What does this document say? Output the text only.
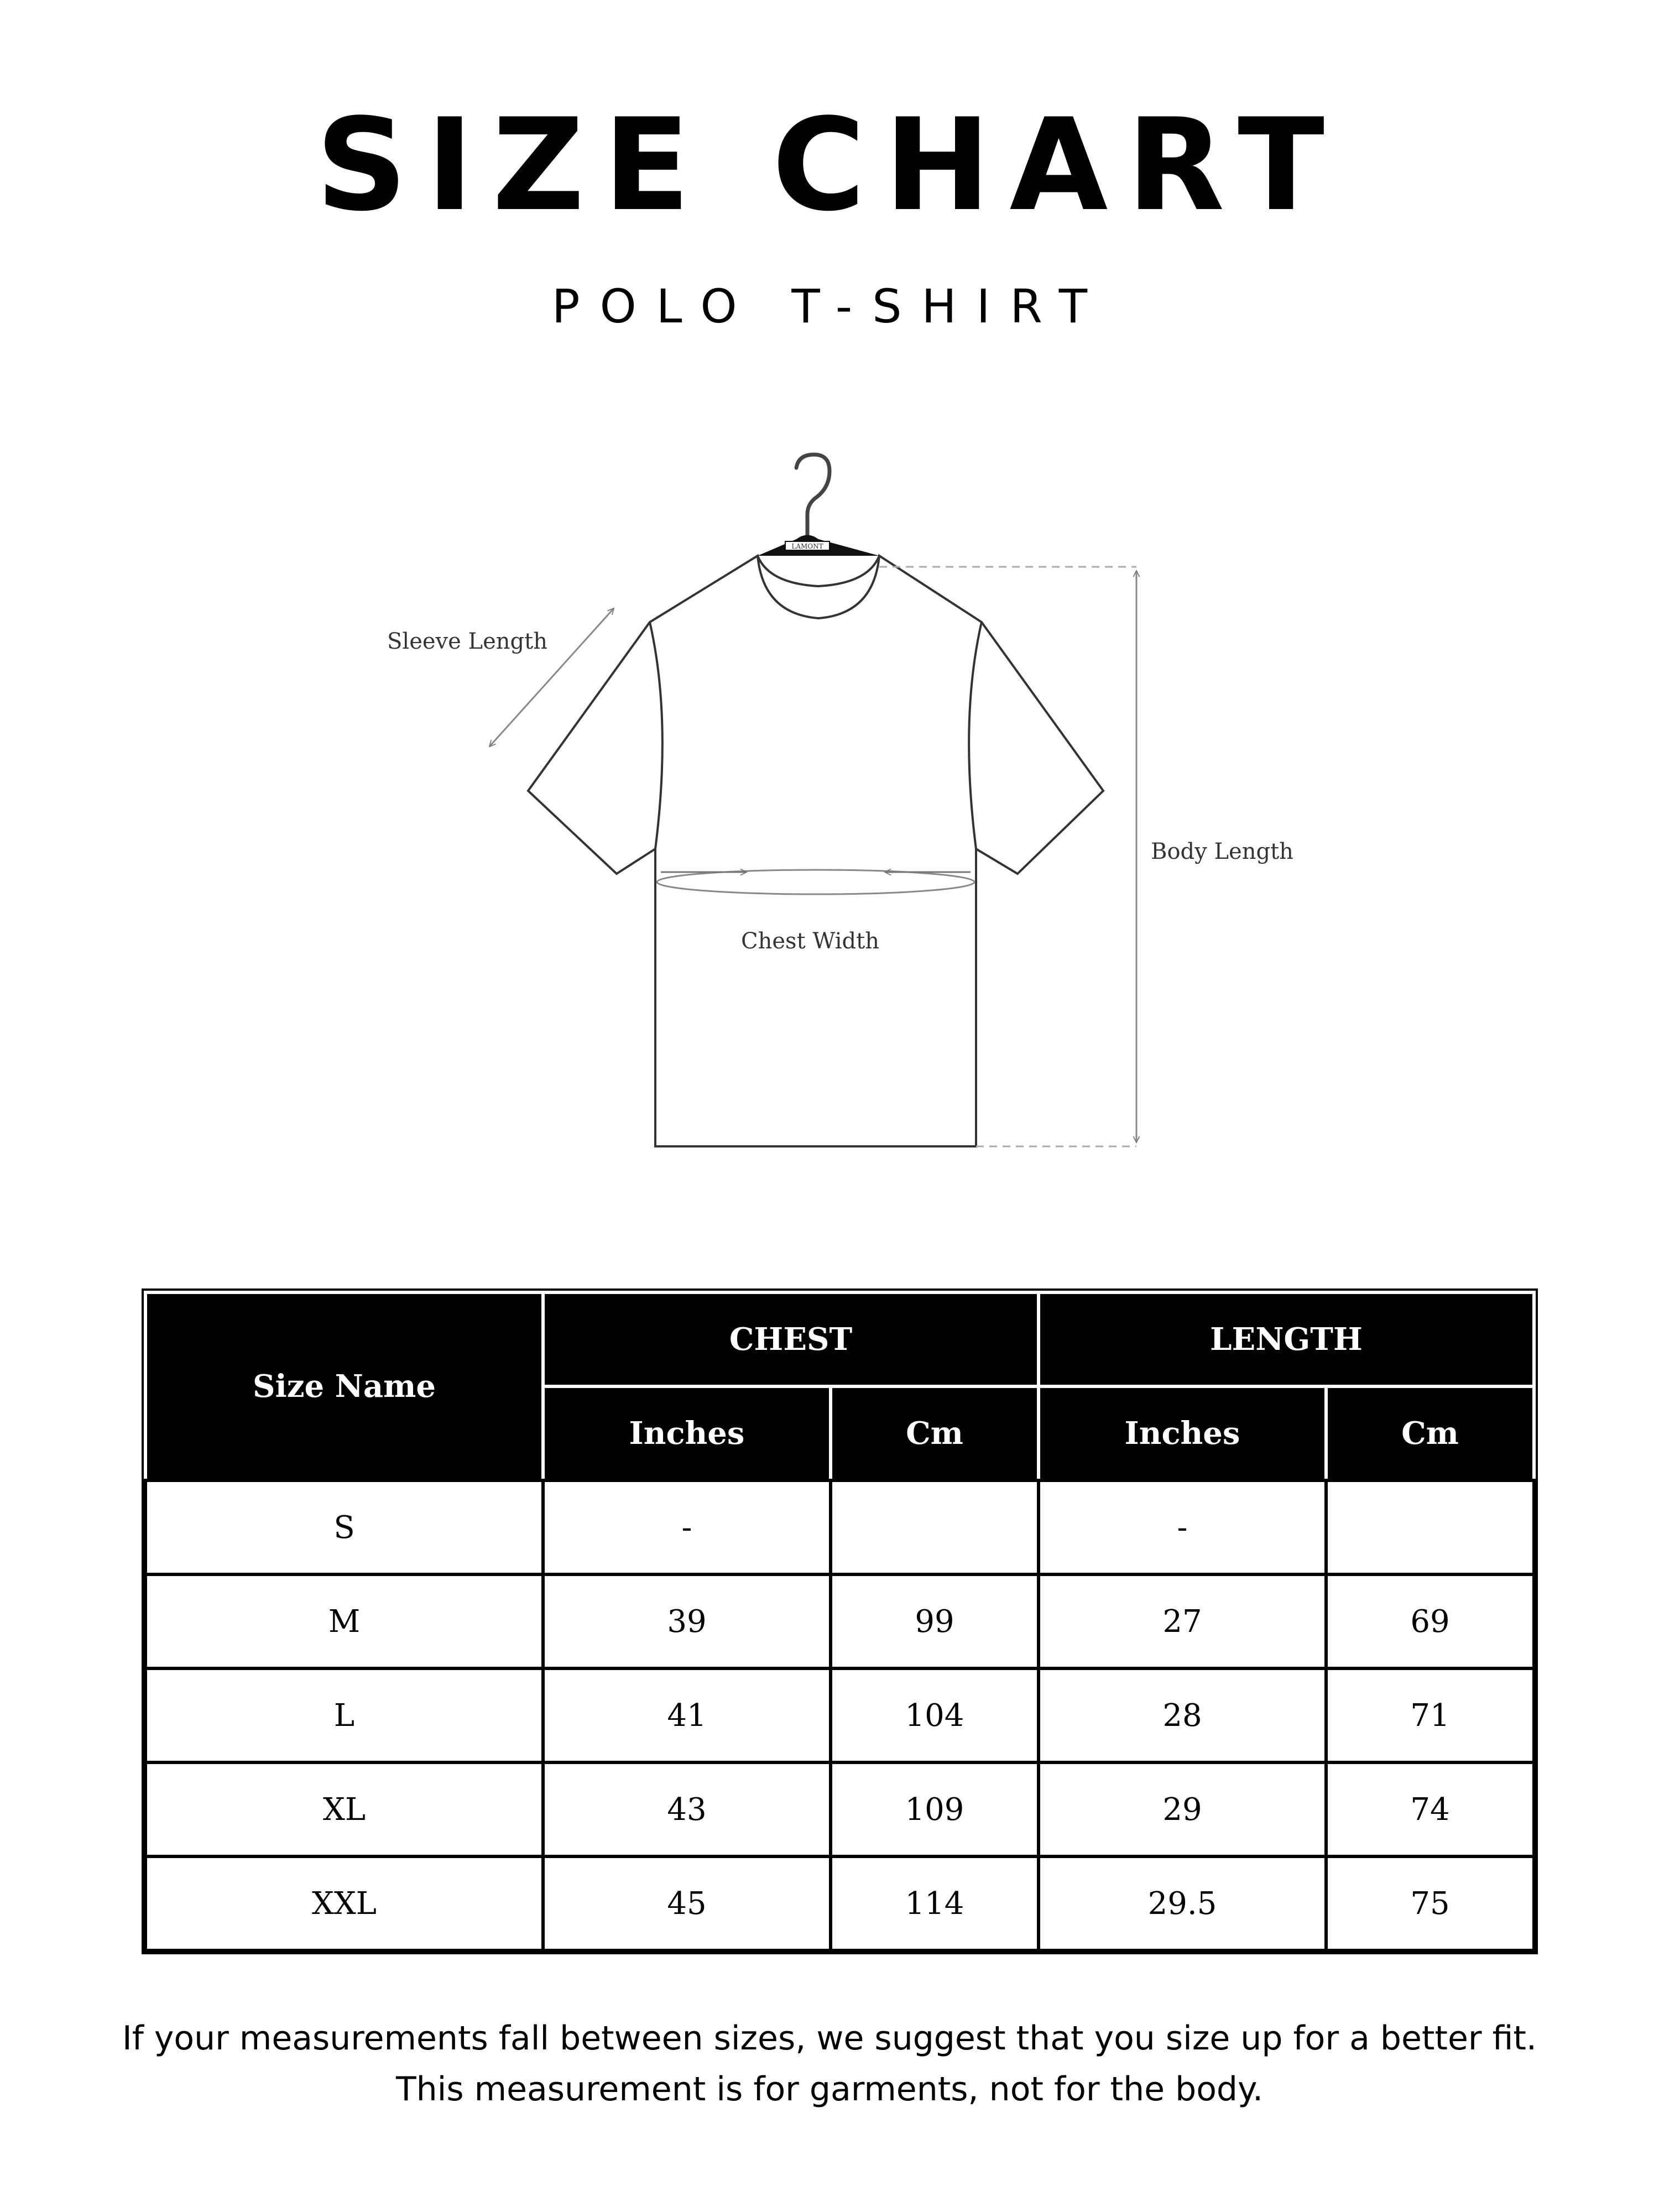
SIZE CHART
POLO T-SHIRT
LAMONT
Chest Width
Sleeve Length
Body Length
Size Name	CHEST		LENGTH	
	Inches	Cm	Inches	Cm
S	-		-	
M	39	99	27	69
L	41	104	28	71
XL	43	109	29	74
XXL	45	114	29.5	75
If your measurements fall between sizes, we suggest that you size up for a better fit.
This measurement is for garments, not for the body.
